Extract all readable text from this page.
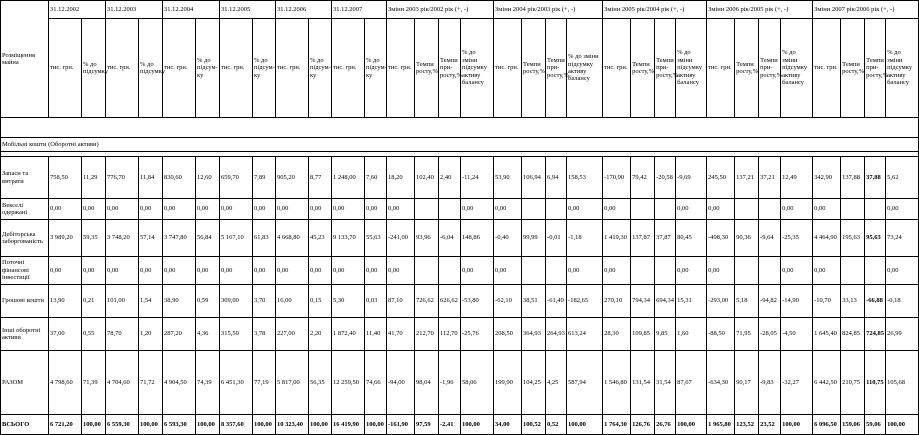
Розміщення майна	31.12.2002		31.12.2003		31.12.2004		31.12.2005		31.12.2006		31.12.2007		Зміни 2003 рік/2002 рік (+, -)				Зміни 2004 рік/2003 рік (+, -)				Зміни 2005 рік/2004 рік (+, -)				Зміни 2006 рік/2005 рік (+, -)				Зміни 2007 рік/2006 рік (+, -)			
	тис. грн.	% до підсумку	тис. грн.	% до підсумку	тис. грн.	% до підсум-ку	тис. грн.	% до підсум-ку	тис. грн.	% до підсум-ку	тис. грн.	% до підсум-ку	тис. грн.	Темпи росту,%	Темпи при-росту,%	% до зміни підсумку активу балансу	тис. грн.	Темпи росту,%	Темпи при-росту,%	% до зміни підсумку активу балансу	тис. грн.	Темпи росту,%	Темпи при-росту,%	% до зміни підсумку активу балансу	тис. грн.	Темпи росту,%	Темпи при-росту,%	% до зміни підсумку активу балансу	тис. грн.	Темпи росту,%	Темпи при-росту,%	% до зміни підсумку активу балансу

Мобільні кошти (Оборотні активи)																																

Запаси та витрати	758,50	11,29	776,70	11,84	830,60	12,60	659,70	7,89	905,20	8,77	1 248,00	7,60	18,20	102,40	2,40	-11,24	53,90	106,94	6,94	158,53	-170,90	79,42	-20,58	-9,69	245,50	137,21	37,21	12,49	342,90	137,88	37,88	5,62
Векселі одержані	0,00	0,00	0,00	0,00	0,00	0,00	0,00	0,00	0,00	0,00	0,00	0,00	0,00			0,00	0,00			0,00	0,00			0,00	0,00			0,00	0,00			0,00
Дебіторська заборгованість	3 989,20	59,35	3 748,20	57,14	3 747,80	56,84	5 167,10	61,83	4 668,80	45,23	9 133,70	55,63	-241,00	93,96	-6,04	148,86	-0,40	99,99	-0,01	-1,18	1 419,30	137,87	37,87	80,45	-498,30	90,36	-9,64	-25,35	4 464,90	195,63	95,63	73,24
Поточні фінансові інвестиції	0,00	0,00	0,00	0,00	0,00	0,00	0,00	0,00	0,00	0,00	0,00	0,00	0,00			0,00	0,00			0,00	0,00			0,00	0,00			0,00	0,00			0,00
Грошові кошти	13,90	0,21	101,00	1,54	38,90	0,59	309,00	3,70	16,00	0,15	5,30	0,03	87,10	726,62	626,62	-53,80	-62,10	38,51	-61,49	-182,65	270,10	794,34	694,34	15,31	-293,00	5,18	-94,82	-14,90	-10,70	33,13	-66,88	-0,18
Інші оборотні активи	37,00	0,55	78,70	1,20	287,20	4,36	315,50	3,78	227,00	2,20	1 872,40	11,40	41,70	212,70	112,70	-25,76	208,50	364,93	264,93	613,24	28,30	109,85	9,85	1,60	-88,50	71,95	-28,05	-4,50	1 645,40	824,85	724,85	26,99
РАЗОМ	4 798,60	71,39	4 704,60	71,72	4 904,50	74,39	6 451,30	77,19	5 817,00	56,35	12 259,50	74,66	-94,00	98,04	-1,96	58,06	199,90	104,25	4,25	587,94	1 546,80	131,54	31,54	87,67	-634,30	90,17	-9,83	-32,27	6 442,50	210,75	110,75	105,68
ВСЬОГО	6 721,20	100,00	6 559,30	100,00	6 593,30	100,00	8 357,60	100,00	10 323,40	100,00	16 419,90	100,00	-161,90	97,59	-2,41	100,00	34,00	100,52	0,52	100,00	1 764,30	126,76	26,76	100,00	1 965,80	123,52	23,52	100,00	6 096,50	159,06	59,06	100,00
